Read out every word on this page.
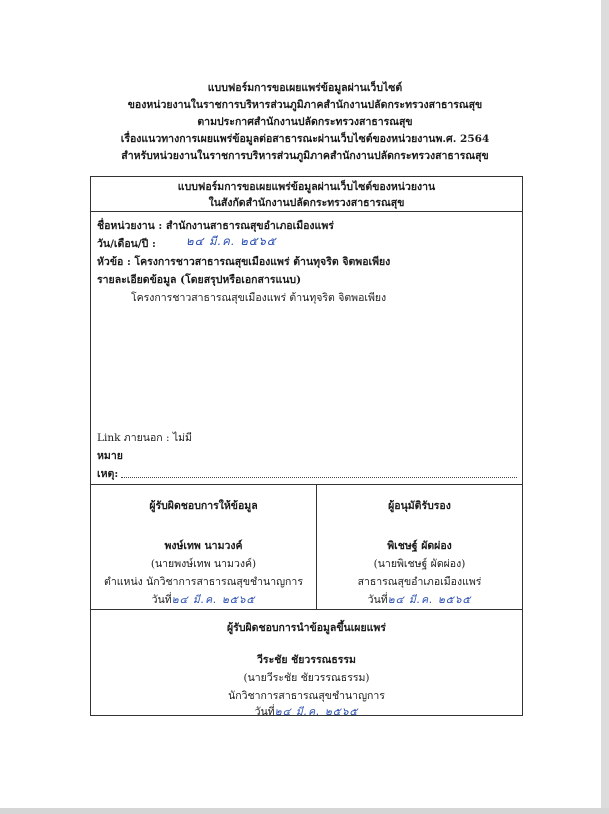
แบบฟอร์มการขอเผยแพร่ข้อมูลผ่านเว็บไซต์
ของหน่วยงานในราชการบริหารส่วนภูมิภาคสำนักงานปลัดกระทรวงสาธารณสุข
ตามประกาศสำนักงานปลัดกระทรวงสาธารณสุข
เรื่องแนวทางการเผยแพร่ข้อมูลต่อสาธารณะผ่านเว็บไซต์ของหน่วยงานพ.ศ. 2564
สำหรับหน่วยงานในราชการบริหารส่วนภูมิภาคสำนักงานปลัดกระทรวงสาธารณสุข
แบบฟอร์มการขอเผยแพร่ข้อมูลผ่านเว็บไซต์ของหน่วยงาน
ในสังกัดสำนักงานปลัดกระทรวงสาธารณสุข
ชื่อหน่วยงาน : สำนักงานสาธารณสุขอำเภอเมืองแพร่
วัน/เดือน/ปี :	๒๔ มี.ค. ๒๕๖๕
หัวข้อ : โครงการชาวสาธารณสุขเมืองแพร่ ต้านทุจริต จิตพอเพียง
รายละเอียดข้อมูล (โดยสรุปหรือเอกสารแนบ)
โครงการชาวสาธารณสุขเมืองแพร่ ต้านทุจริต จิตพอเพียง
Link ภายนอก : ไม่มี
หมาย
เหตุ:
ผู้รับผิดชอบการให้ข้อมูล
พงษ์เทพ นามวงค์
(นายพงษ์เทพ นามวงค์)
ตำแหน่ง นักวิชาการสาธารณสุขชำนาญการ
วันที่๒๔ มี.ค. ๒๕๖๕
ผู้อนุมัติรับรอง
พิเชษฐ์ ผัดผ่อง
(นายพิเชษฐ์ ผัดผ่อง)
สาธารณสุขอำเภอเมืองแพร่
วันที่๒๔ มี.ค. ๒๕๖๕
ผู้รับผิดชอบการนำข้อมูลขึ้นเผยแพร่
วีระชัย ชัยวรรณธรรม
(นายวีระชัย ชัยวรรณธรรม)
นักวิชาการสาธารณสุขชำนาญการ
วันที่๒๔ มี.ค. ๒๕๖๕
